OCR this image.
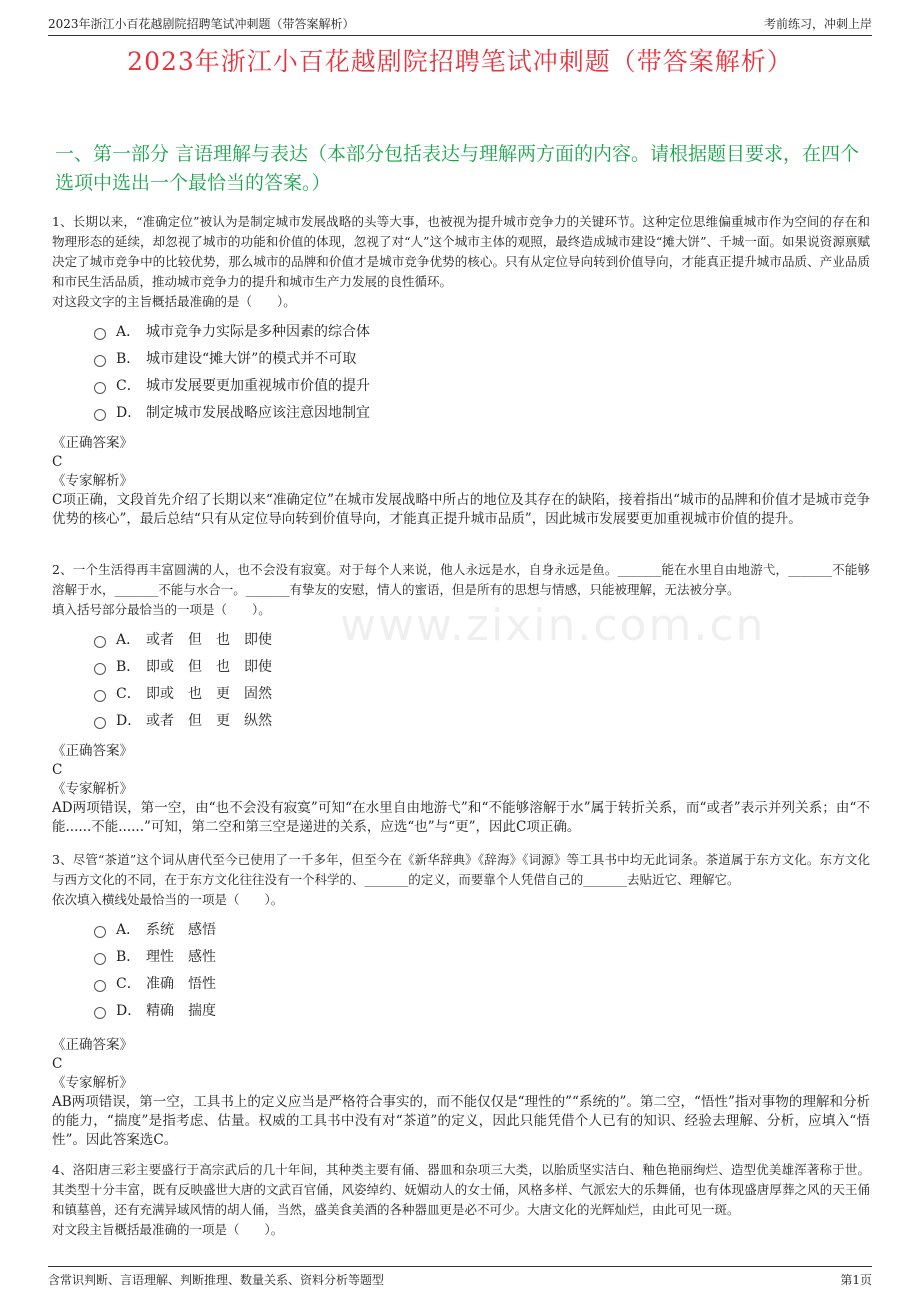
2023年浙江小百花越剧院招聘笔试冲刺题（带答案解析）	考前练习，冲刺上岸
2023年浙江小百花越剧院招聘笔试冲刺题（带答案解析）
一、第一部分 言语理解与表达（本部分包括表达与理解两方面的内容。请根据题目要求，在四个选项中选出一个最恰当的答案。）
www.zixin.com.cn
1、长期以来，“准确定位”被认为是制定城市发展战略的头等大事，也被视为提升城市竞争力的关键环节。这种定位思维偏重城市作为空间的存在和物理形态的延续，却忽视了城市的功能和价值的体现，忽视了对“人”这个城市主体的观照，最终造成城市建设“摊大饼”、千城一面。如果说资源禀赋决定了城市竞争中的比较优势，那么城市的品牌和价值才是城市竞争优势的核心。只有从定位导向转到价值导向，才能真正提升城市品质、产业品质和市民生活品质，推动城市竞争力的提升和城市生产力发展的良性循环。
对这段文字的主旨概括最准确的是（　　）。
A． 城市竞争力实际是多种因素的综合体
B． 城市建设“摊大饼”的模式并不可取
C． 城市发展要更加重视城市价值的提升
D． 制定城市发展战略应该注意因地制宜
《正确答案》
C
《专家解析》
C项正确，文段首先介绍了长期以来“准确定位”在城市发展战略中所占的地位及其存在的缺陷，接着指出“城市的品牌和价值才是城市竞争优势的核心”，最后总结“只有从定位导向转到价值导向，才能真正提升城市品质”，因此城市发展要更加重视城市价值的提升。
2、一个生活得再丰富圆满的人，也不会没有寂寞。对于每个人来说，他人永远是水，自身永远是鱼。_______能在水里自由地游弋，_______不能够溶解于水，_______不能与水合一。_______有挚友的安慰，情人的蜜语，但是所有的思想与情感，只能被理解，无法被分享。
填入括号部分最恰当的一项是（　　）。
A． 或者　但　也　即使
B． 即或　但　也　即使
C． 即或　也　更　固然
D． 或者　但　更　纵然
《正确答案》
C
《专家解析》
AD两项错误，第一空，由“也不会没有寂寞”可知“在水里自由地游弋”和“不能够溶解于水”属于转折关系，而“或者”表示并列关系；由“不能......不能......”可知，第二空和第三空是递进的关系，应选“也”与“更”，因此C项正确。
3、尽管“茶道”这个词从唐代至今已使用了一千多年，但至今在《新华辞典》《辞海》《词源》等工具书中均无此词条。茶道属于东方文化。东方文化与西方文化的不同，在于东方文化往往没有一个科学的、_______的定义，而要靠个人凭借自己的_______去贴近它、理解它。
依次填入横线处最恰当的一项是（　　）。
A． 系统　感悟
B． 理性　感性
C． 准确　悟性
D． 精确　揣度
《正确答案》
C
《专家解析》
AB两项错误，第一空，工具书上的定义应当是严格符合事实的，而不能仅仅是“理性的”“系统的”。第二空，“悟性”指对事物的理解和分析的能力，“揣度”是指考虑、估量。权威的工具书中没有对“茶道”的定义，因此只能凭借个人已有的知识、经验去理解、分析，应填入“悟性”。因此答案选C。
4、洛阳唐三彩主要盛行于高宗武后的几十年间，其种类主要有俑、器皿和杂项三大类，以胎质坚实洁白、釉色艳丽绚烂、造型优美雄浑著称于世。其类型十分丰富，既有反映盛世大唐的文武百官俑，风姿绰约、妩媚动人的女士俑，风格多样、气派宏大的乐舞俑，也有体现盛唐厚葬之风的天王俑和镇墓兽，还有充满异域风情的胡人俑，当然，盛美食美酒的各种器皿更是必不可少。大唐文化的光辉灿烂，由此可见一斑。
对文段主旨概括最准确的一项是（　　）。
含常识判断、言语理解、判断推理、数量关系、资料分析等题型	第1页
